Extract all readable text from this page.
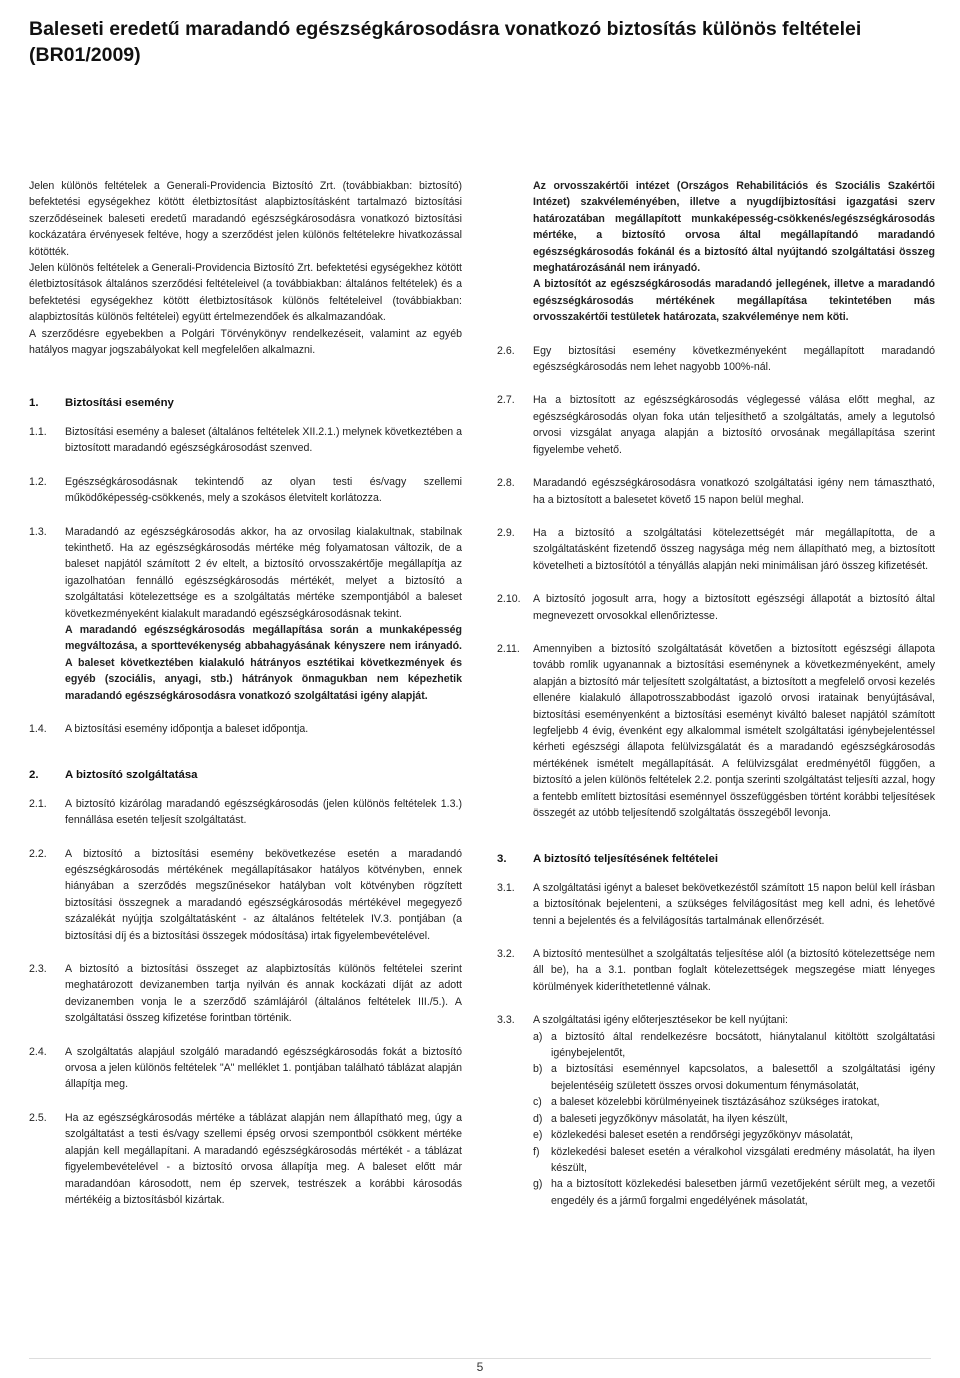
Baleseti eredetű maradandó egészségkárosodásra vonatkozó biztosítás különös feltételei (BR01/2009)

Jelen különös feltételek a Generali-Providencia Biztosító Zrt. (továbbiakban: biztosító) befektetési egységekhez kötött életbiztosítást alapbiztosításként tartalmazó biztosítási szerződéseinek baleseti eredetű maradandó egészségkárosodásra vonatkozó biztosítási kockázatára érvényesek feltéve, hogy a szerződést jelen különös feltételekre hivatkozással kötötték.

Jelen különös feltételek a Generali-Providencia Biztosító Zrt. befektetési egységekhez kötött életbiztosítások általános szerződési feltételeivel (a továbbiakban: általános feltételek) és a befektetési egységekhez kötött életbiztosítások különös feltételeivel (továbbiakban: alapbiztosítás különös feltételei) együtt értelmezendőek és alkalmazandóak.

A szerződésre egyebekben a Polgári Törvénykönyv rendelkezéseit, valamint az egyéb hatályos magyar jogszabályokat kell megfelelően alkalmazni.

1.	Biztosítási esemény
1.1.	Biztosítási esemény a baleset (általános feltételek XII.2.1.) melynek következtében a biztosított maradandó egészségkárosodást szenved.
1.2.	Egészségkárosodásnak tekintendő az olyan testi és/vagy szellemi működőképesség-csökkenés, mely a szokásos életvitelt korlátozza.
1.3.	Maradandó az egészségkárosodás akkor, ha az orvosilag kialakultnak, stabilnak tekinthető. Ha az egészségkárosodás mértéke még folyamatosan változik, de a baleset napjától számított 2 év eltelt, a biztosító orvosszakértője megállapítja az igazolhatóan fennálló egészségkárosodás mértékét, melyet a biztosító a szolgáltatási kötelezettsége es a szolgáltatás mértéke szempontjából a baleset következményeként kialakult maradandó egészségkárosodásnak tekint.

A maradandó egészségkárosodás megállapítása során a munkaképesség megváltozása, a sporttevékenység abbahagyásának kényszere nem irányadó. A baleset következtében kialakuló hátrányos esztétikai következmények és egyéb (szociális, anyagi, stb.) hátrányok önmagukban nem képezhetik maradandó egészségkárosodásra vonatkozó szolgáltatási igény alapját.

1.4.	A biztosítási esemény időpontja a baleset időpontja.
2.	A biztosító szolgáltatása
2.1.	A biztosító kizárólag maradandó egészségkárosodás (jelen különös feltételek 1.3.) fennállása esetén teljesít szolgáltatást.
2.2.	A biztosító a biztosítási esemény bekövetkezése esetén a maradandó egészségkárosodás mértékének megállapításakor hatályos kötvényben, ennek hiányában a szerződés megszűnésekor hatályban volt kötvényben rögzített biztosítási összegnek a maradandó egészségkárosodás mértékével megegyező százalékát nyújtja szolgáltatásként - az általános feltételek IV.3. pontjában (a biztosítási díj és a biztosítási összegek módosítása) irtak figyelembevételével.
2.3.	A biztosító a biztosítási összeget az alapbiztosítás különös feltételei szerint meghatározott devizanemben tartja nyilván és annak kockázati díját az adott devizanemben vonja le a szerződő számlájáról (általános feltételek III./5.). A szolgáltatási összeg kifizetése forintban történik.
2.4.	A szolgáltatás alapjául szolgáló maradandó egészségkárosodás fokát a biztosító orvosa a jelen különös feltételek "A" melléklet 1. pontjában található táblázat alapján állapítja meg.
2.5.	Ha az egészségkárosodás mértéke a táblázat alapján nem állapítható meg, úgy a szolgáltatást a testi és/vagy szellemi épség orvosi szempontból csökkent mértéke alapján kell megállapítani. A maradandó egészségkárosodás mértékét - a táblázat figyelembevételével - a biztosító orvosa állapítja meg. A baleset előtt már maradandóan károsodott, nem ép szervek, testrészek a korábbi károsodás mértékéig a biztosításból kizártak.

Az orvosszakértői intézet (Országos Rehabilitációs és Szociális Szakértői Intézet) szakvéleményében, illetve a nyugdíjbiztosítási igazgatási szerv határozatában megállapított munkaképesség-csökkenés/egészségkárosodás mértéke, a biztosító orvosa által megállapítandó maradandó egészségkárosodás fokánál és a biztosító által nyújtandó szolgáltatási összeg meghatározásánál nem irányadó.

A biztosítót az egészségkárosodás maradandó jellegének, illetve a maradandó egészségkárosodás mértékének megállapítása tekintetében más orvosszakértői testületek határozata, szakvéleménye nem köti.

2.6.	Egy biztosítási esemény következményeként megállapított maradandó egészségkárosodás nem lehet nagyobb 100%-nál.
2.7.	Ha a biztosított az egészségkárosodás véglegessé válása előtt meghal, az egészségkárosodás olyan foka után teljesíthető a szolgáltatás, amely a legutolsó orvosi vizsgálat anyaga alapján a biztosító orvosának megállapítása szerint figyelembe vehető.
2.8.	Maradandó egészségkárosodásra vonatkozó szolgáltatási igény nem támasztható, ha a biztosított a balesetet követő 15 napon belül meghal.
2.9.	Ha a biztosító a szolgáltatási kötelezettségét már megállapította, de a szolgáltatásként fizetendő összeg nagysága még nem állapítható meg, a biztosított követelheti a biztosítótól a tényállás alapján neki minimálisan járó összeg kifizetését.
2.10.	A biztosító jogosult arra, hogy a biztosított egészségi állapotát a biztosító által megnevezett orvosokkal ellenőriztesse.
2.11.	Amennyiben a biztosító szolgáltatását követően a biztosított egészségi állapota tovább romlik ugyanannak a biztosítási eseménynek a következményeként, amely alapján a biztosító már teljesített szolgáltatást, a biztosított a megfelelő orvosi kezelés ellenére kialakuló állapotrosszabbodást igazoló orvosi iratainak benyújtásával, biztosítási eseményenként a biztosítási eseményt kiváltó baleset napjától számított legfeljebb 4 évig, évenként egy alkalommal ismételt szolgáltatási igénybejelentéssel kérheti egészségi állapota felülvizsgálatát és a maradandó egészségkárosodás mértékének ismételt megállapítását. A felülvizsgálat eredményétől függően, a biztosító a jelen különös feltételek 2.2. pontja szerinti szolgáltatást teljesíti azzal, hogy a fentebb említett biztosítási eseménnyel összefüggésben történt korábbi teljesítések összegét az utóbb teljesítendő szolgáltatás összegéből levonja.
3.	A biztosító teljesítésének feltételei
3.1.	A szolgáltatási igényt a baleset bekövetkezéstől számított 15 napon belül kell írásban a biztosítónak bejelenteni, a szükséges felvilágosítást meg kell adni, és lehetővé tenni a bejelentés és a felvilágosítás tartalmának ellenőrzését.
3.2.	A biztosító mentesülhet a szolgáltatás teljesítése alól (a biztosító kötelezettsége nem áll be), ha a 3.1. pontban foglalt kötelezettségek megszegése miatt lényeges körülmények kideríthetetlenné válnak.
3.3.	A szolgáltatási igény előterjesztésekor be kell nyújtani:

a) a biztosító által rendelkezésre bocsátott, hiánytalanul kitöltött szolgáltatási igénybejelentőt,
b) a biztosítási eseménnyel kapcsolatos, a balesettől a szolgáltatási igény bejelentéséig született összes orvosi dokumentum fénymásolatát,
c) a baleset közelebbi körülményeinek tisztázásához szükséges iratokat,
d) a baleseti jegyzőkönyv másolatát, ha ilyen készült,
e) közlekedési baleset esetén a rendőrségi jegyzőkönyv másolatát,
f)	közlekedési baleset esetén a véralkohol vizsgálati eredmény másolatát, ha ilyen készült,
g) ha a biztosított közlekedési balesetben jármű vezetőjeként sérült meg, a vezetői engedély és a jármű forgalmi engedélyének másolatát,
5
